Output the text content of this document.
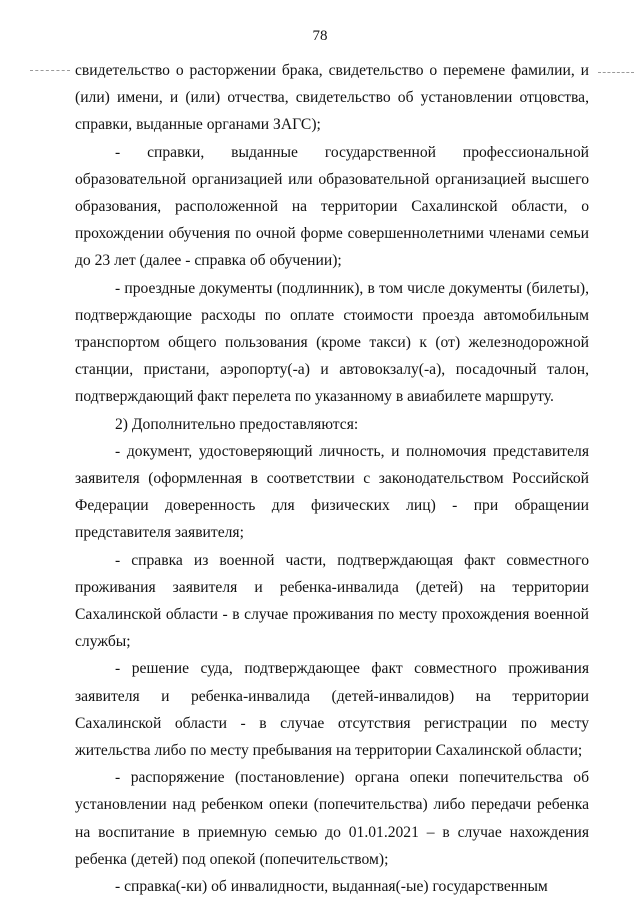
78

свидетельство о расторжении брака, свидетельство о перемене фамилии, и (или) имени, и (или) отчества, свидетельство об установлении отцовства, справки, выданные органами ЗАГС);

- справки, выданные государственной профессиональной образовательной организацией или образовательной организацией высшего образования, расположенной на территории Сахалинской области, о прохождении обучения по очной форме совершеннолетними членами семьи до 23 лет (далее - справка об обучении);

- проездные документы (подлинник), в том числе документы (билеты), подтверждающие расходы по оплате стоимости проезда автомобильным транспортом общего пользования (кроме такси) к (от) железнодорожной станции, пристани, аэропорту(-а) и автовокзалу(-а), посадочный талон, подтверждающий факт перелета по указанному в авиабилете маршруту.

2) Дополнительно предоставляются:

- документ, удостоверяющий личность, и полномочия представителя заявителя (оформленная в соответствии с законодательством Российской Федерации доверенность для физических лиц) - при обращении представителя заявителя;

- справка из военной части, подтверждающая факт совместного проживания заявителя и ребенка-инвалида (детей) на территории Сахалинской области - в случае проживания по месту прохождения военной службы;

- решение суда, подтверждающее факт совместного проживания заявителя и ребенка-инвалида (детей-инвалидов) на территории Сахалинской области - в случае отсутствия регистрации по месту жительства либо по месту пребывания на территории Сахалинской области;

- распоряжение (постановление) органа опеки попечительства об установлении над ребенком опеки (попечительства) либо передачи ребенка на воспитание в приемную семью до 01.01.2021 – в случае нахождения ребенка (детей) под опекой (попечительством);

- справка(-ки) об инвалидности, выданная(-ые) государственным
